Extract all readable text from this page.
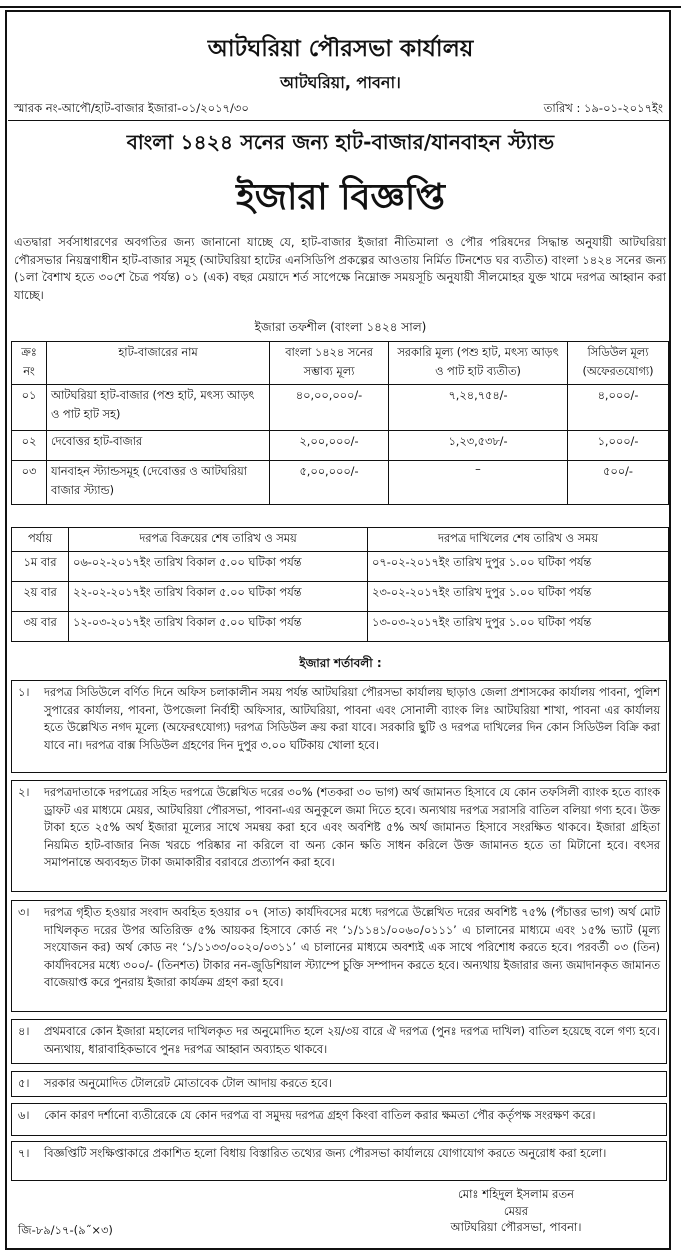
আটঘরিয়া পৌরসভা কার্যালয়
আটঘরিয়া, পাবনা।
স্মারক নং-আপৌ/হাট-বাজার ইজারা-০১/২০১৭/৩০	তারিখ : ১৯-০১-২০১৭ইং
বাংলা ১৪২৪ সনের জন্য হাট-বাজার/যানবাহন স্ট্যান্ড
ইজারা বিজ্ঞপ্তি
এতদ্বারা সর্বসাধারণের অবগতির জন্য জানানো যাচ্ছে যে, হাট-বাজার ইজারা নীতিমালা ও পৌর পরিষদের সিদ্ধান্ত অনুযায়ী আটঘরিয়া পৌরসভার নিয়ন্ত্রণাধীন হাট-বাজার সমূহ (আটঘরিয়া হাটের এনসিডিপি প্রকল্পের আওতায় নির্মিত টিনশেড ঘর ব্যতীত) বাংলা ১৪২৪ সনের জন্য (১লা বৈশাখ হতে ৩০শে চৈত্র পর্যন্ত) ০১ (এক) বছর মেয়াদে শর্ত সাপেক্ষে নিম্নোক্ত সময়সূচি অনুযায়ী সীলমোহর যুক্ত খামে দরপত্র আহ্বান করা যাচ্ছে।
ইজারা তফশীল (বাংলা ১৪২৪ সাল)
ক্রঃ নং	হাট-বাজারের নাম	বাংলা ১৪২৪ সনের সম্ভাব্য মূল্য	সরকারি মূল্য (পশু হাট, মৎস্য আড়ৎ ও পাট হাট ব্যতীত)	সিডিউল মূল্য (অফেরতযোগ্য)
০১	আটঘরিয়া হাট-বাজার (পশু হাট, মৎস্য আড়ৎ ও পাট হাট সহ)	৪০,০০,০০০/-	৭,২৪,৭৫৪/-	৪,০০০/-
০২	দেবোত্তর হাট-বাজার	২,০০,০০০/-	১,২৩,৫৩৮/-	১,০০০/-
০৩	যানবাহন স্ট্যান্ডসমূহ (দেবোত্তর ও আটঘরিয়া বাজার স্ট্যান্ড)	৫,০০,০০০/-	–	৫০০/-
পর্যায়	দরপত্র বিক্রয়ের শেষ তারিখ ও সময়	দরপত্র দাখিলের শেষ তারিখ ও সময়
১ম বার	০৬-০২-২০১৭ইং তারিখ বিকাল ৫.০০ ঘটিকা পর্যন্ত	০৭-০২-২০১৭ইং তারিখ দুপুর ১.০০ ঘটিকা পর্যন্ত
২য় বার	২২-০২-২০১৭ইং তারিখ বিকাল ৫.০০ ঘটিকা পর্যন্ত	২৩-০২-২০১৭ইং তারিখ দুপুর ১.০০ ঘটিকা পর্যন্ত
৩য় বার	১২-০৩-২০১৭ইং তারিখ বিকাল ৫.০০ ঘটিকা পর্যন্ত	১৩-০৩-২০১৭ইং তারিখ দুপুর ১.০০ ঘটিকা পর্যন্ত
ইজারা শর্তাবলী :
১। দরপত্র সিডিউলে বর্ণিত দিনে অফিস চলাকালীন সময় পর্যন্ত আটঘরিয়া পৌরসভা কার্যালয় ছাড়াও জেলা প্রশাসকের কার্যালয় পাবনা, পুলিশ সুপারের কার্যালয়, পাবনা, উপজেলা নির্বাহী অফিসার, আটঘরিয়া, পাবনা এবং সোনালী ব্যাংক লিঃ আটঘরিয়া শাখা, পাবনা এর কার্যালয় হতে উল্লেখিত নগদ মূল্যে (অফেরৎযোগ্য) দরপত্র সিডিউল ক্রয় করা যাবে। সরকারি ছুটি ও দরপত্র দাখিলের দিন কোন সিডিউল বিক্রি করা যাবে না। দরপত্র বাক্স সিডিউল গ্রহণের দিন দুপুর ৩.০০ ঘটিকায় খোলা হবে।
২। দরপত্রদাতাকে দরপত্রের সহিত দরপত্রে উল্লেখিত দরের ৩০% (শতকরা ৩০ ভাগ) অর্থ জামানত হিসাবে যে কোন তফসিলী ব্যাংক হতে ব্যাংক ড্রাফট এর মাধ্যমে মেয়র, আটঘরিয়া পৌরসভা, পাবনা-এর অনুকূলে জমা দিতে হবে। অন্যথায় দরপত্র সরাসরি বাতিল বলিয়া গণ্য হবে। উক্ত টাকা হতে ২৫% অর্থ ইজারা মূল্যের সাথে সমন্বয় করা হবে এবং অবশিষ্ট ৫% অর্থ জামানত হিসাবে সংরক্ষিত থাকবে। ইজারা গ্রহিতা নিয়মিত হাট-বাজার নিজ খরচে পরিষ্কার না করিলে বা অন্য কোন ক্ষতি সাধন করিলে উক্ত জামানত হতে তা মিটানো হবে। বৎসর সমাপনান্তে অব্যবহৃত টাকা জমাকারীর বরাবরে প্রত্যার্পন করা হবে।
৩। দরপত্র গৃহীত হওয়ার সংবাদ অবহিত হওয়ার ০৭ (সাত) কার্যদিবসের মধ্যে দরপত্রে উল্লেখিত দরের অবশিষ্ট ৭৫% (পঁচাত্তর ভাগ) অর্থ মোট দাখিলকৃত দরের উপর অতিরিক্ত ৫% আয়কর হিসাবে কোর্ড নং ‘১/১১৪১/০০৬০/০১১১’ এ চালানের মাধ্যমে এবং ১৫% ভ্যাট (মূল্য সংযোজন কর) অর্থ কোড নং ‘১/১১৩৩/০০২০/০৩১১’ এ চালানের মাধ্যমে অবশ্যই এক সাথে পরিশোধ করতে হবে। পরবর্তী ০৩ (তিন) কার্যদিবসের মধ্যে ৩০০/- (তিনশত) টাকার নন-জুডিশিয়াল স্ট্যাম্পে চুক্তি সম্পাদন করতে হবে। অন্যথায় ইজারার জন্য জমাদানকৃত জামানত বাজেয়াপ্ত করে পুনরায় ইজারা কার্যক্রম গ্রহণ করা হবে।
৪। প্রথমবারে কোন ইজারা মহালের দাখিলকৃত দর অনুমোদিত হলে ২য়/৩য় বারে ঐ দরপত্র (পুনঃ দরপত্র দাখিল) বাতিল হয়েছে বলে গণ্য হবে। অন্যথায়, ধারাবাহিকভাবে পুনঃ দরপত্র আহ্বান অব্যাহত থাকবে।
৫। সরকার অনুমোদিত টোলরেট মোতাবেক টোল আদায় করতে হবে।
৬। কোন কারণ দর্শানো ব্যতীরেকে যে কোন দরপত্র বা সমুদয় দরপত্র গ্রহণ কিংবা বাতিল করার ক্ষমতা পৌর কর্তৃপক্ষ সংরক্ষণ করে।
৭। বিজ্ঞপ্তিটি সংক্ষিপ্তাকারে প্রকাশিত হলো বিধায় বিস্তারিত তথ্যের জন্য পৌরসভা কার্যালয়ে যোগাযোগ করতে অনুরোধ করা হলো।
মোঃ শহিদুল ইসলাম রতন
মেয়র
আটঘরিয়া পৌরসভা, পাবনা।
জি-৮৯/১৭-(৯˝×৩)
